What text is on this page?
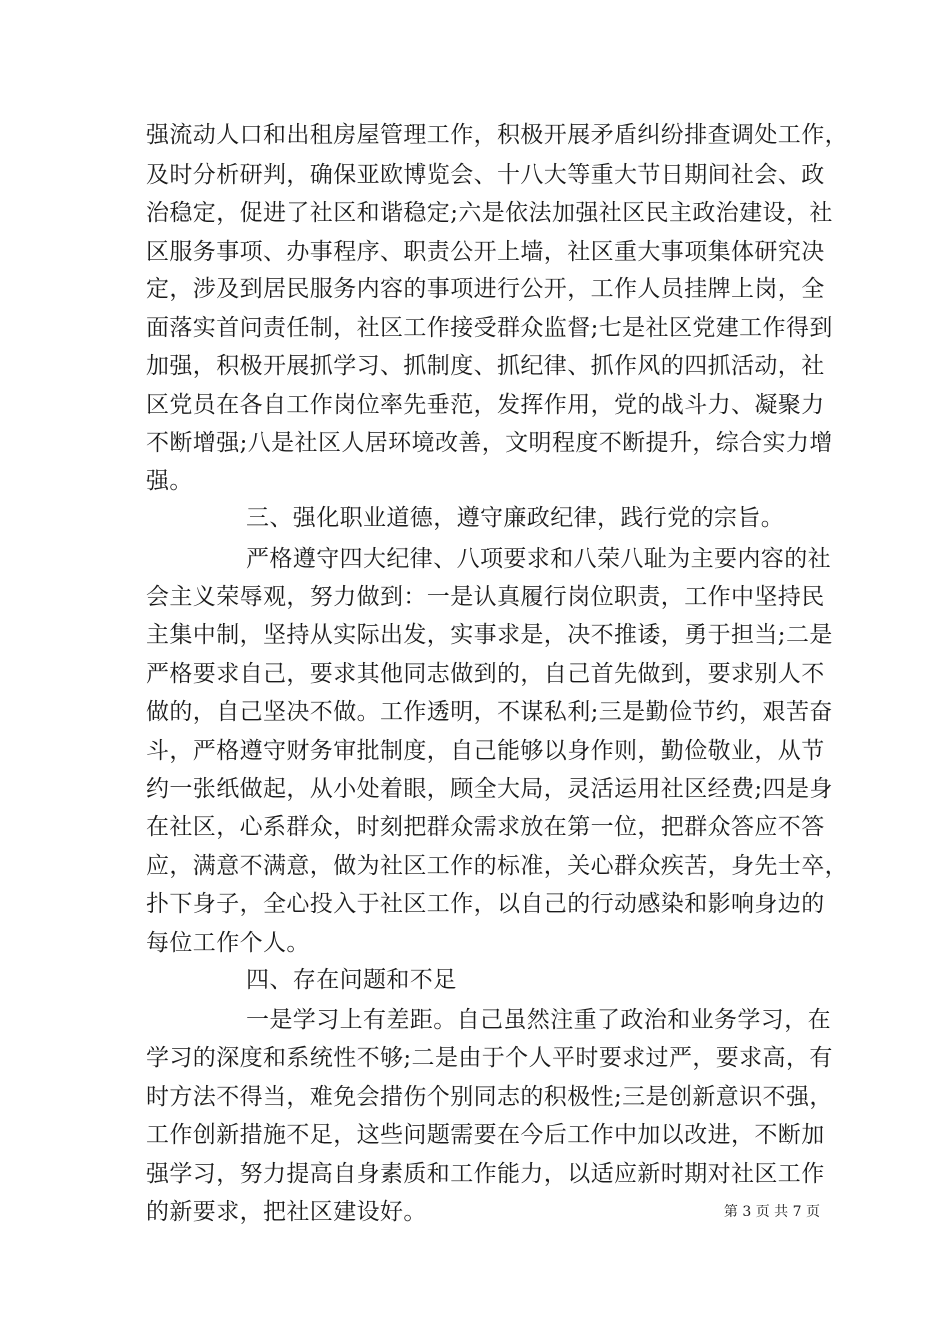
强流动人口和出租房屋管理工作，积极开展矛盾纠纷排查调处工作，
及时分析研判，确保亚欧博览会、十八大等重大节日期间社会、政
治稳定，促进了社区和谐稳定;六是依法加强社区民主政治建设，社
区服务事项、办事程序、职责公开上墙，社区重大事项集体研究决
定，涉及到居民服务内容的事项进行公开，工作人员挂牌上岗，全
面落实首问责任制，社区工作接受群众监督;七是社区党建工作得到
加强，积极开展抓学习、抓制度、抓纪律、抓作风的四抓活动，社
区党员在各自工作岗位率先垂范，发挥作用，党的战斗力、凝聚力
不断增强;八是社区人居环境改善，文明程度不断提升，综合实力增
强。
三、强化职业道德，遵守廉政纪律，践行党的宗旨。
严格遵守四大纪律、八项要求和八荣八耻为主要内容的社
会主义荣辱观，努力做到：一是认真履行岗位职责，工作中坚持民
主集中制，坚持从实际出发，实事求是，决不推诿，勇于担当;二是
严格要求自己，要求其他同志做到的，自己首先做到，要求别人不
做的，自己坚决不做。工作透明，不谋私利;三是勤俭节约，艰苦奋
斗，严格遵守财务审批制度，自己能够以身作则，勤俭敬业，从节
约一张纸做起，从小处着眼，顾全大局，灵活运用社区经费;四是身
在社区，心系群众，时刻把群众需求放在第一位，把群众答应不答
应，满意不满意，做为社区工作的标准，关心群众疾苦，身先士卒，
扑下身子，全心投入于社区工作，以自己的行动感染和影响身边的
每位工作个人。
四、存在问题和不足
一是学习上有差距。自己虽然注重了政治和业务学习，在
学习的深度和系统性不够;二是由于个人平时要求过严，要求高，有
时方法不得当，难免会措伤个别同志的积极性;三是创新意识不强，
工作创新措施不足，这些问题需要在今后工作中加以改进，不断加
强学习，努力提高自身素质和工作能力，以适应新时期对社区工作
的新要求，把社区建设好。	第 3 页 共 7 页
